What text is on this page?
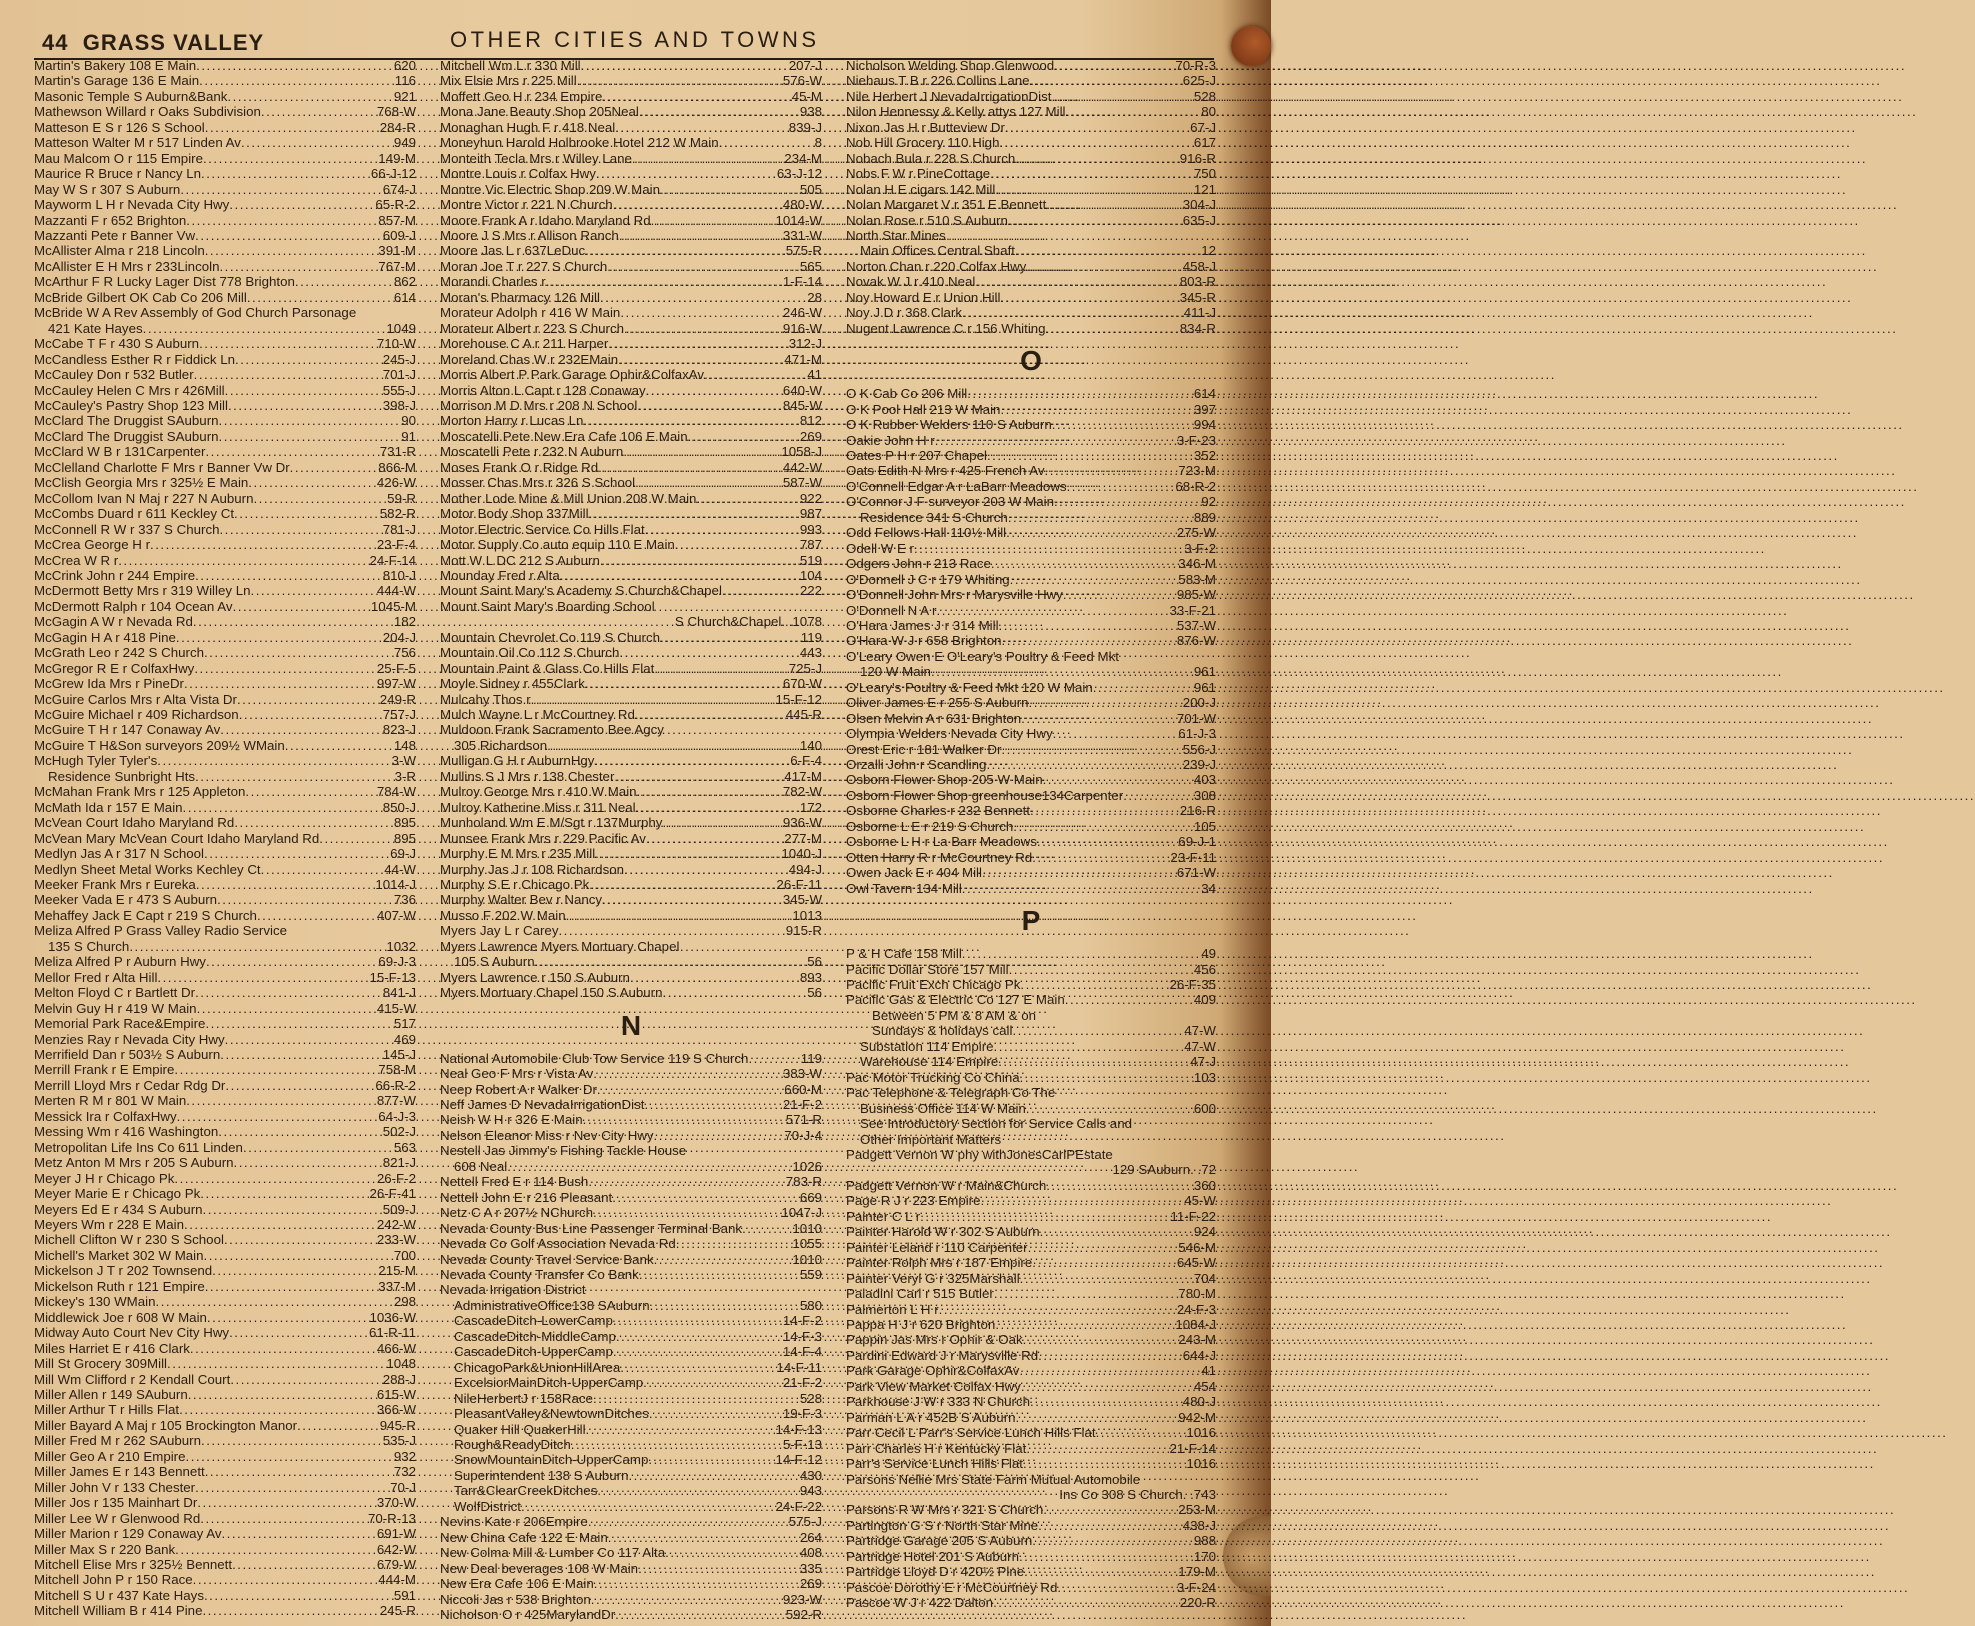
44 GRASS VALLEY	OTHER CITIES AND TOWNS
Martin's Bakery 108 E Main .....	620
Martin's Garage 136 E Main .....	116
Masonic Temple S Auburn&Bank .....	921
Mathewson Willard r Oaks Subdivision .....	768-W
Matteson E S r 126 S School .....	284-R
Matteson Walter M r 517 Linden Av .....	949
Mau Malcom O r 115 Empire .....	149-M
Maurice R Bruce r Nancy Ln .....	66-J-12
May W S r 307 S Auburn .....	674-J
Mayworm L H r Nevada City Hwy .....	65-R-2
Mazzanti F r 652 Brighton .....	857-M
Mazzanti Pete r Banner Vw .....	609-J
McAllister Alma r 218 Lincoln .....	391-M
McAllister E H Mrs r 233Lincoln .....	767-M
McArthur F R Lucky Lager Dist 778 Brighton .....	862
McBride Gilbert OK Cab Co 206 Mill .....	614
McBride W A Rev Assembly of God Church Parsonage
421 Kate Hayes .....	1049
McCabe T F r 430 S Auburn .....	710-W
McCandless Esther R r Fiddick Ln .....	245-J
McCauley Don r 532 Butler .....	701-J
McCauley Helen C Mrs r 426Mill .....	555-J
McCauley's Pastry Shop 123 Mill .....	398-J
McClard The Druggist SAuburn .....	90
McClard The Druggist SAuburn .....	91
McClard W B r 131Carpenter .....	731-R
McClelland Charlotte F Mrs r Banner Vw Dr .....	866-M
McClish Georgia Mrs r 325½ E Main .....	426-W
McCollom Ivan N Maj r 227 N Auburn .....	59-R
McCombs Duard r 611 Keckley Ct .....	582-R
McConnell R W r 337 S Church .....	781-J
McCrea George H r .....	23-F-4
McCrea W R r .....	24-F-14
McCrink John r 244 Empire .....	810-J
McDermott Betty Mrs r 319 Willey Ln .....	444-W
McDermott Ralph r 104 Ocean Av .....	1045-M
McGagin A W r Nevada Rd .....	182
McGagin H A r 418 Pine .....	204-J
McGrath Leo r 242 S Church .....	756
McGregor R E r ColfaxHwy .....	25-F-5
McGrew Ida Mrs r PineDr .....	997-W
McGuire Carlos Mrs r Alta Vista Dr .....	249-R
McGuire Michael r 409 Richardson .....	757-J
McGuire T H r 147 Conaway Av .....	823-J
McGuire T H&Son surveyors 209½ WMain .....	148
McHugh Tyler Tyler's .....	3-W
Residence Sunbright Hts .....	3-R
McMahan Frank Mrs r 125 Appleton .....	784-W
McMath Ida r 157 E Main .....	850-J
McVean Court Idaho Maryland Rd .....	895
McVean Mary McVean Court Idaho Maryland Rd .....	895
Medlyn Jas A r 317 N School .....	69-J
Medlyn Sheet Metal Works Kechley Ct .....	44-W
Meeker Frank Mrs r Eureka .....	1014-J
Meeker Vada E r 473 S Auburn .....	736
Mehaffey Jack E Capt r 219 S Church .....	407-W
Meliza Alfred P Grass Valley Radio Service
135 S Church .....	1032
Meliza Alfred P r Auburn Hwy .....	69-J-3
Mellor Fred r Alta Hill .....	15-F-13
Melton Floyd C r Bartlett Dr .....	841-J
Melvin Guy H r 419 W Main .....	415-W
Memorial Park Race&Empire .....	517
Menzies Ray r Nevada City Hwy .....	469
Merrifield Dan r 503½ S Auburn .....	145-J
Merrill Frank r E Empire .....	758-M
Merrill Lloyd Mrs r Cedar Rdg Dr .....	66-R-2
Merten R M r 801 W Main .....	877-W
Messick Ira r ColfaxHwy .....	64-J-3
Messing Wm r 416 Washington .....	502-J
Metropolitan Life Ins Co 611 Linden .....	563
Metz Anton M Mrs r 205 S Auburn .....	821-J
Meyer J H r Chicago Pk .....	26-F-2
Meyer Marie E r Chicago Pk .....	26-F-41
Meyers Ed E r 434 S Auburn .....	509-J
Meyers Wm r 228 E Main .....	242-W
Michell Clifton W r 230 S School .....	233-W
Michell's Market 302 W Main .....	700
Mickelson J T r 202 Townsend .....	215-M
Mickelson Ruth r 121 Empire .....	337-M
Mickey's 130 WMain .....	298
Middlewick Joe r 608 W Main .....	1036-W
Midway Auto Court Nev City Hwy .....	61-R-11
Miles Harriet E r 416 Clark .....	466-W
Mill St Grocery 309Mill .....	1048
Mill Wm Clifford r 2 Kendall Court .....	288-J
Miller Allen r 149 SAuburn .....	615-W
Miller Arthur T r Hills Flat .....	366-W
Miller Bayard A Maj r 105 Brockington Manor .....	945-R
Miller Fred M r 262 SAuburn .....	535-J
Miller Geo A r 210 Empire .....	932
Miller James E r 143 Bennett .....	732
Miller John V r 133 Chester .....	70-J
Miller Jos r 135 Mainhart Dr .....	370-W
Miller Lee W r Glenwood Rd .....	70-R-13
Miller Marion r 129 Conaway Av .....	691-W
Miller Max S r 220 Bank .....	642-W
Mitchell Elise Mrs r 325½ Bennett .....	679-W
Mitchell John P r 150 Race .....	444-M
Mitchell S U r 437 Kate Hays .....	591
Mitchell William B r 414 Pine .....	245-R
Mitchell Wm L r 330 Mill .....	207-J
Mix Elsie Mrs r 225 Mill .....	576-W
Moffett Geo H r 234 Empire .....	45-M
Mona Jane Beauty Shop 205Neal .....	938
Monaghan Hugh F r 418 Neal .....	839-J
Moneyhun Harold Holbrooke Hotel 212 W Main .....	8
Monteith Tecla Mrs r Willey Lane .....	234-M
Montre Louis r Colfax Hwy .....	63-J-12
Montre Vic Electric Shop 209 W Main .....	505
Montre Victor r 221 N Church .....	480-W
Moore Frank A r Idaho Maryland Rd .....	1014-W
Moore J S Mrs r Allison Ranch .....	331-W
Moore Jas L r 637LeDuc .....	575-R
Moran Joe T r 227 S Church .....	565
Morandi Charles r .....	1-F-14
Moran's Pharmacy 126 Mill .....	28
Morateur Adolph r 416 W Main .....	246-W
Morateur Albert r 223 S Church .....	916-W
Morehouse C A r 211 Harper .....	312-J
Moreland Chas W r 232EMain .....	471-M
Morris Albert P Park Garage Ophir&ColfaxAv .....	41
Morris Alton L Capt r 128 Conaway .....	640-W
Morrison M D Mrs r 208 N School .....	845-W
Morton Harry r Lucas Ln .....	812
Moscatelli Pete New Era Cafe 106 E Main .....	269
Moscatelli Pete r 232 N Auburn .....	1058-J
Moses Frank O r Ridge Rd .....	442-W
Mosser Chas Mrs r 326 S School .....	587-W
Mother Lode Mine & Mill Union 208 W Main .....	922
Motor Body Shop 337Mill .....	987
Motor Electric Service Co Hills Flat .....	993
Motor Supply Co auto equip 110 E Main .....	787
Mott W L DC 212 S Auburn .....	519
Mounday Fred r Alta .....	104
Mount Saint Mary's Academy S Church&Chapel .....	222
Mount Saint Mary's Boarding School
S Church&Chapel. .1078
Mountain Chevrolet Co 119 S Church .....	119
Mountain Oil Co 112 S Church .....	443
Mountain Paint & Glass Co Hills Flat .....	725-J
Moyle Sidney r 455Clark .....	670-W
Mulcahy Thos r .....	15-F-12
Mulch Wayne L r McCourtney Rd .....	445-R
Muldoon Frank Sacramento Bee Agcy
305 Richardson .....	140
Mulligan G H r AuburnHgy .....	6-F-4
Mullins S J Mrs r 138 Chester .....	417-M
Mulroy George Mrs r 410 W Main .....	782-W
Mulroy Katherine Miss r 311 Neal .....	172
Munholand Wm E M/Sgt r 137Murphy .....	936-W
Munsee Frank Mrs r 229 Pacific Av .....	277-M
Murphy E M Mrs r 235 Mill .....	1040-J
Murphy Jas J r 108 Richardson .....	494-J
Murphy S E r Chicago Pk .....	26-F-11
Murphy Walter Bev r Nancy .....	345-W
Musso F 202 W Main .....	1013
Myers Jay L r Carey .....	915-R
Myers Lawrence Myers Mortuary Chapel
105 S Auburn .....	56
Myers Lawrence r 150 S Auburn .....	893
Myers Mortuary Chapel 150 S Auburn .....	56
N
National Automobile Club Tow Service 119 S Church .....	119
Neal Geo F Mrs r Vista Av .....	383-W
Neep Robert A r Walker Dr .....	660-M
Neff James D NevadaIrrigationDist .....	21-F-2
Neish W H r 326 E Main .....	571-R
Nelson Eleanor Miss r Nev City Hwy .....	70-J-4
Nestell Jas Jimmy's Fishing Tackle House
608 Neal .....	1026
Nettell Fred E r 114 Bush .....	783-R
Nettell John E r 216 Pleasant .....	669
Netz C A r 207½ NChurch .....	1047-J
Nevada County Bus Line Passenger Terminal Bank .....	1010
Nevada Co Golf Association Nevada Rd .....	1055
Nevada County Travel Service Bank .....	1010
Nevada County Transfer Co Bank .....	559
Nevada Irrigation District
AdministrativeOffice138 SAuburn .....	580
CascadeDitch-LowerCamp .....	14-F-2
CascadeDitch-MiddleCamp .....	14-F-3
CascadeDitch-UpperCamp .....	14-F-4
ChicagoPark&UnionHillArea .....	14-F-11
ExcelsiorMainDitch-UpperCamp .....	21-F-2
NileHerbertJ r 158Race .....	528
PleasantValley&NewtownDitches .....	19-F-3
Quaker Hill QuakerHill .....	14-F-13
Rough&ReadyDitch .....	5-F-13
SnowMountainDitch-UpperCamp .....	14-F-12
Superintendent 138 S Auburn .....	430
Tarr&ClearCreekDitches .....	943
WolfDistrict .....	24-F-22
Nevins Kate r 206Empire .....	575-J
New China Cafe 122 E Main .....	264
New Colma Mill & Lumber Co 117 Alta .....	408
New Deal beverages 108 W Main .....	335
New Era Cafe 106 E Main .....	269
Niccoli Jas r 538 Brighton .....	923-W
Nicholson O r 425MarylandDr .....	592-R
Nicholson Welding Shop Glenwood .....	70-R-3
Niehaus T B r 226 Collins Lane .....	625-J
Nile Herbert J NevadaIrrigationDist .....	528
Nilon Hennessy & Kelly attys 127 Mill .....	80
Nixon Jas H r Butteview Dr .....	67-J
Nob Hill Grocery 110 High .....	617
Nobach Bula r 228 S Church .....	916-R
Nobs F W r PineCottage .....	750
Nolan H E cigars 142 Mill .....	121
Nolan Margaret V r 351 E Bennett .....	304-J
Nolan Rose r 510 S Auburn .....	635-J
North Star Mines
Main Offices Central Shaft .....	12
Norton Chan r 220 Colfax Hwy .....	458-J
Novak W J r 410 Neal .....	803-R
Noy Howard E r Union Hill .....	345-R
Noy J D r 368 Clark .....	411-J
Nugent Lawrence C r 156 Whiting .....	834-R
O
O K Cab Co 206 Mill .....	614
O K Pool Hall 213 W Main .....	397
O K Rubber Welders 110 S Auburn .....	994
Oakie John H r .....	3-F-23
Oates P H r 207 Chapel .....	352
Oats Edith N Mrs r 425 French Av .....	723-M
O'Connell Edgar A r LaBarr Meadows .....	68-R-2
O'Connor J F surveyor 203 W Main .....	92
Residence 341 S Church .....	889
Odd Fellows Hall 110½ Mill .....	275-W
Odell W E r .....	3-F-2
Odgers John r 213 Race .....	346-M
O'Donnell J C r 179 Whiting .....	583-M
O'Donnell John Mrs r Marysville Hwy .....	985-W
O'Donnell N A r .....	33-F-21
O'Hara James J r 314 Mill .....	537-W
O'Hara W J r 658 Brighton .....	876-W
O'Leary Owen E O'Leary's Poultry & Feed Mkt
120 W Main .....	961
O'Leary's Poultry & Feed Mkt 120 W Main .....	961
Oliver James E r 255 S Auburn .....	200-J
Olsen Melvin A r 631 Brighton .....	701-W
Olympia Welders Nevada City Hwy .....	61-J-3
Orest Eric r 181 Walker Dr .....	556-J
Orzalli John r Scandling .....	239-J
Osborn Flower Shop 205 W Main .....	403
Osborn Flower Shop greenhouse134Carpenter .....	308
Osborne Charles r 232 Bennett .....	216-R
Osborne L E r 219 S Church .....	105
Osborne L H r La Barr Meadows .....	69-J-1
Otten Harry R r McCourtney Rd .....	23-F-11
Owen Jack E r 404 Mill .....	671-W
Owl Tavern 134 Mill .....	34
P
P & H Cafe 158 Mill .....	49
Pacific Dollar Store 157 Mill .....	456
Pacific Fruit Exch Chicago Pk .....	26-F-35
Pacific Gas & Electric Co 127 E Main .....	409
Between 5 PM & 8 AM & on
Sundays & holidays call .....	47-W
Substation 114 Empire .....	47-W
Warehouse 114 Empire .....	47-J
Pac Motor Trucking Co China .....	103
Pac Telephone & Telegraph Co The
Business Office 114 W Main .....	600
See Introductory Section for Service Calls and
Other Important Matters
Padgett Vernon W phy withJonesCarlPEstate
129 SAuburn. .72
Padgett Vernon W r Main&Church .....	360
Page R J r 223 Empire .....	45-W
Painter C L r .....	11-F-22
Painter Harold W r 302 S Auburn .....	924
Painter Leland r 110 Carpenter .....	546-M
Painter Rolph Mrs r 187 Empire .....	645-W
Painter Veryl G r 325Marshall .....	704
Paladini Carl r 515 Butler .....	780-M
Palmerton L H r .....	24-F-3
Pappa H J r 620 Brighton .....	1084-J
Pappin Jas Mrs r Ophir & Oak .....	243-M
Pardini Edward J r Marysville Rd .....	644-J
Park Garage Ophir&ColfaxAv .....	41
Park View Market Colfax Hwy .....	454
Parkhouse J W r 333 N Church .....	480-J
Parman L A r 452B S Auburn .....	942-M
Parr Cecil L Parr's Service Lunch Hills Flat .....	1016
Parr Charles H r Kentucky Flat .....	21-F-14
Parr's Service Lunch Hills Flat .....	1016
Parsons Nellie Mrs State Farm Mutual Automobile
Ins Co 308 S Church. .743
Parsons R W Mrs r 321 S Church .....	253-M
Partington G S r North Star Mine .....	438-J
Partridge Garage 205 S Auburn .....	988
Partridge Hotel 201 S Auburn .....	170
Partridge Lloyd D r 420½ Pine .....	179-M
Pascoe Dorothy E r McCourtney Rd .....	3-F-24
Pascoe W J r 422 Dalton .....	220-R
